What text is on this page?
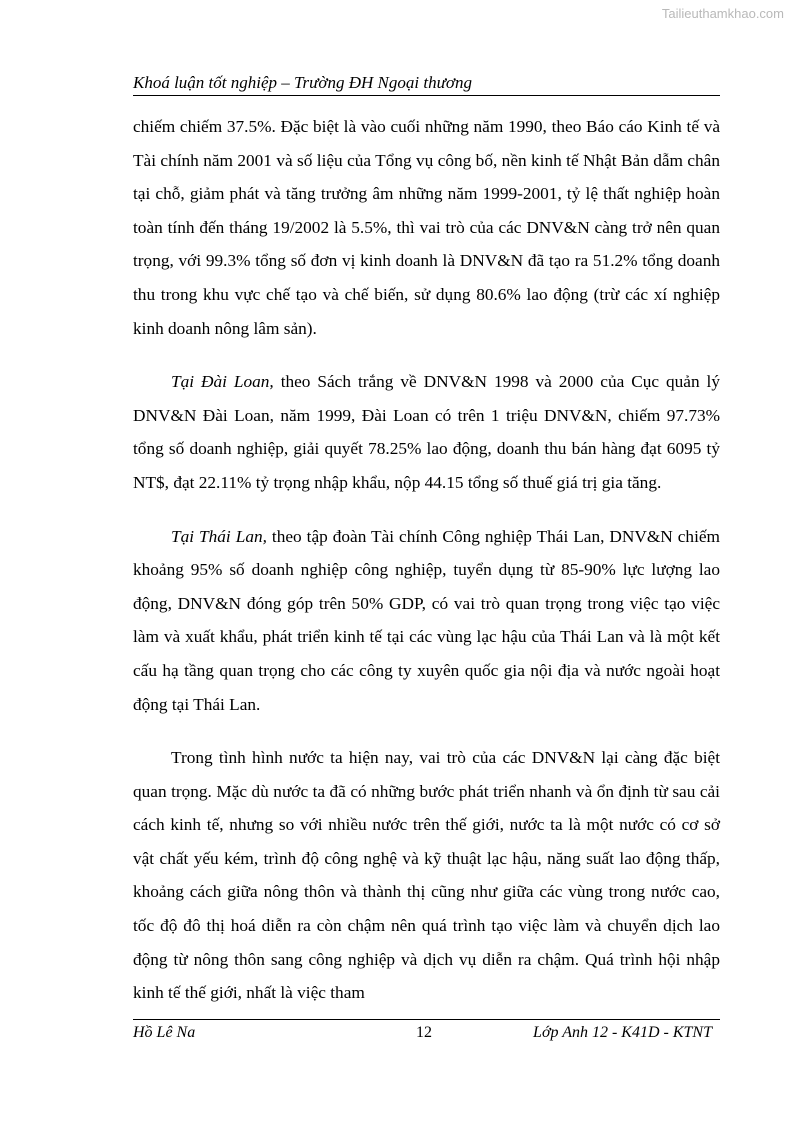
Tailieuthamkhao.com
Khoá luận tốt nghiệp – Trường ĐH Ngoại thương

chiếm chiếm 37.5%. Đặc biệt là vào cuối những năm 1990, theo Báo cáo Kinh tế và Tài chính năm 2001 và số liệu của Tổng vụ công bố, nền kinh tế Nhật Bản dẫm chân tại chỗ, giảm phát và tăng trưởng âm những năm 1999-2001, tỷ lệ thất nghiệp hoàn toàn tính đến tháng 19/2002 là 5.5%, thì vai trò của các DNV&N càng trở nên quan trọng, với 99.3% tổng số đơn vị kinh doanh là DNV&N đã tạo ra 51.2% tổng doanh thu trong khu vực chế tạo và chế biến, sử dụng 80.6% lao động (trừ các xí nghiệp kinh doanh nông lâm sản).

Tại Đài Loan, theo Sách trắng về DNV&N 1998 và 2000 của Cục quản lý DNV&N Đài Loan, năm 1999, Đài Loan có trên 1 triệu DNV&N, chiếm 97.73% tổng số doanh nghiệp, giải quyết 78.25% lao động, doanh thu bán hàng đạt 6095 tỷ NT$, đạt 22.11% tỷ trọng nhập khẩu, nộp 44.15 tổng số thuế giá trị gia tăng.

Tại Thái Lan, theo tập đoàn Tài chính Công nghiệp Thái Lan, DNV&N chiếm khoảng 95% số doanh nghiệp công nghiệp, tuyển dụng từ 85-90% lực lượng lao động, DNV&N đóng góp trên 50% GDP, có vai trò quan trọng trong việc tạo việc làm và xuất khẩu, phát triển kinh tế tại các vùng lạc hậu của Thái Lan và là một kết cấu hạ tầng quan trọng cho các công ty xuyên quốc gia nội địa và nước ngoài hoạt động tại Thái Lan.

Trong tình hình nước ta hiện nay, vai trò của các DNV&N lại càng đặc biệt quan trọng. Mặc dù nước ta đã có những bước phát triển nhanh và ổn định từ sau cải cách kinh tế, nhưng so với nhiều nước trên thế giới, nước ta là một nước có cơ sở vật chất yếu kém, trình độ công nghệ và kỹ thuật lạc hậu, năng suất lao động thấp, khoảng cách giữa nông thôn và thành thị cũng như giữa các vùng trong nước cao, tốc độ đô thị hoá diễn ra còn chậm nên quá trình tạo việc làm và chuyển dịch lao động từ nông thôn sang công nghiệp và dịch vụ diễn ra chậm. Quá trình hội nhập kinh tế thế giới, nhất là việc tham

Hồ Lê Na	12	Lớp Anh 12 - K41D - KTNT
